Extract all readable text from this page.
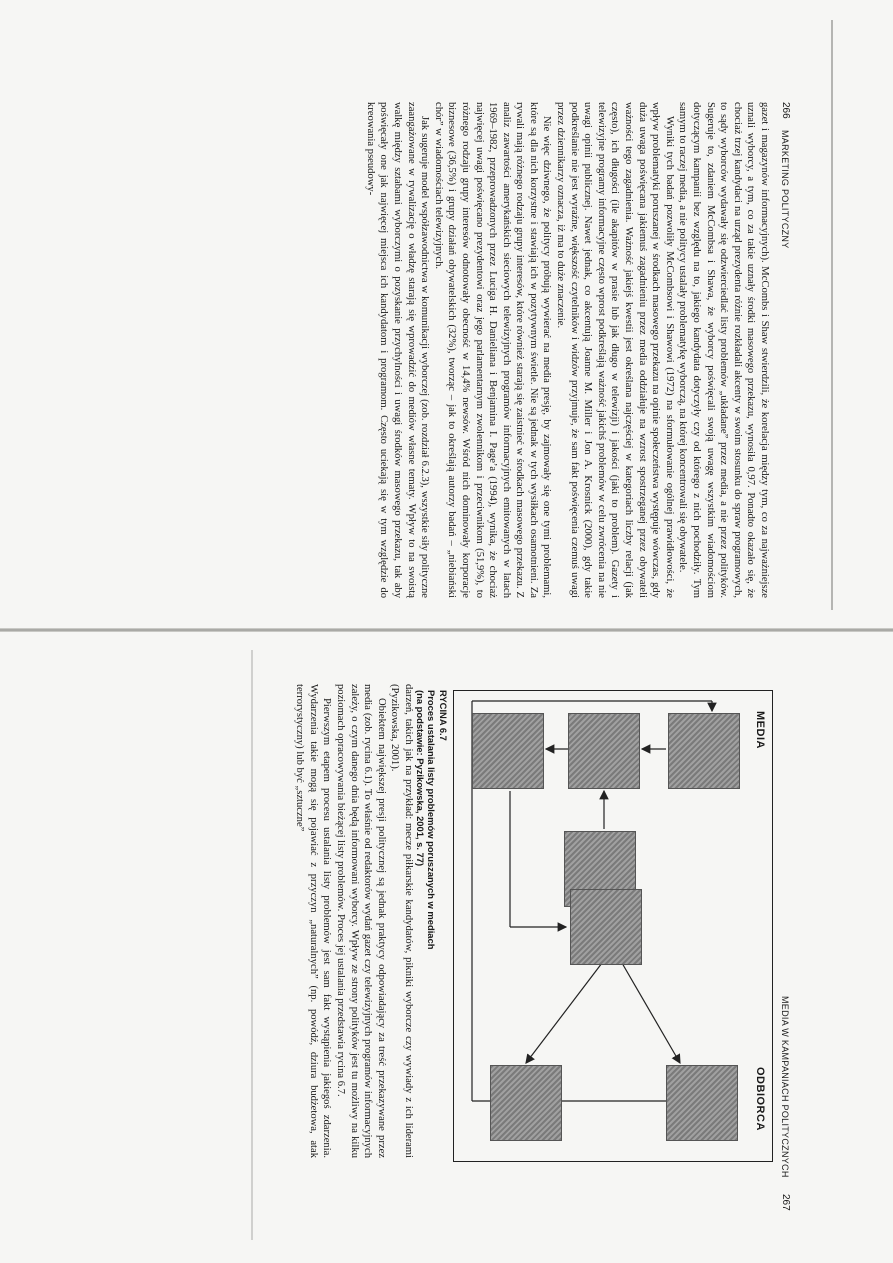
266
MARKETING POLITYCZNY

gazet i magazynów informacyjnych). McCombs i Shaw stwierdzili, że korelacja między tym, co za najważniejsze uznali wyborcy, a tym, co za takie uznały środki masowego przekazu, wynosiła 0,97. Ponadto okazało się, że chociaż trzej kandydaci na urząd prezydenta różnie rozkładali akcenty w swoim stosunku do spraw programowych, to sądy wyborców wydawały się odzwierciedlać listy problemów „układane” przez media, a nie przez polityków. Sugeruje to, zdaniem McCombsa i Shawa, że wyborcy poświęcali swoją uwagę wszystkim wiadomościom dotyczącym kampanii bez względu na to, jakiego kandydata dotyczyły czy od którego z nich pochodziły. Tym samym to raczej media, a nie politycy ustalały problematykę wyborczą, na której koncentrowali się obywatele.

Wyniki tych badań pozwoliły McCombsowi i Shawowi (1972) na sformułowanie ogólnej prawidłowości, że wpływ problematyki poruszanej w środkach masowego przekazu na opinie społeczeństwa występuje wówczas, gdy duża uwaga poświęcana jakiemuś zagadnieniu przez media oddziałuje na wzrost spostrzeganej przez obywateli ważności tego zagadnienia. Ważność jakiejś kwestii jest określana najczęściej w kategoriach liczby relacji (jak często), ich długości (ile akapitów w prasie lub jak długo w telewizji) i jakości (jaki to problem). Gazety i telewizyjne programy informacyjne często wprost podkreślają ważność jakichś problemów w celu zwrócenia na nie uwagi opinii publicznej. Nawet jednak, co akcentują Joanne M. Miller i Jon A. Krosnick (2000), gdy takie podkreślanie nie jest wyraźne, większość czytelników i widzów przyjmuje, że sam fakt poświęcenia czemuś uwagi przez dziennikarzy oznacza, iż ma to duże znaczenie.

Nie więc dziwnego, że politycy próbują wywierać na media presję, by zajmowały się one tymi problemami, które są dla nich korzystne i stawiają ich w pozytywnym świetle. Nie są jednak w tych wysiłkach osamotnieni. Za rywali mają różnego rodzaju grupy interesów, które również starają się zaistnieć w środkach masowego przekazu. Z analiz zawartości amerykańskich sieciowych telewizyjnych programów informacyjnych emitowanych w latach 1969–1982, przeprowadzonych przez Luciga H. Danieliana i Benjamina I. Page’a (1994), wynika, że chociaż najwięcej uwagi poświęcano prezydentowi oraz jego parlamentarnym zwolennikom i przeciwnikom (51,9%), to różnego rodzaju grupy interesów odnotowały obecność w 14,4% newsów. Wśród nich dominowały korporacje biznesowe (36,5%) i grupy działań obywatelskich (32%), tworząc – jak to określają autorzy badań – „niebiański chór” w wiadomościach telewizyjnych.

Jak sugeruje model współzawodnictwa w komunikacji wyborczej (zob. rozdział 6.2.3), wszystkie siły polityczne zaangażowane w rywalizację o władzę starają się wprowadzić do mediów własne tematy. Wpływ to na swoistą walkę między sztabami wyborczymi o pozyskanie przychylności i uwagi środków masowego przekazu, tak aby poświęcały one jak najwięcej miejsca ich kandydatom i programom. Często uciekają się w tym względzie do kreowania pseudowy-

MEDIA W KAMPANIACH POLITYCZNYCH
267
MEDIA
ODBIORCA
RYCINA 6.7
Proces ustalania listy problemów poruszanych w mediach
(na podstawie: Pyzikowska, 2001, s. 77)

darzeń, takich jak na przykład: mecze piłkarskie kandydatów, pikniki wyborcze czy wywiady z ich liderami (Pyzikowska, 2001).

Obiektem największej presji politycznej są jednak praktycy odpowiadający za treść przekazywane przez media (zob. rycina 6.1). To właśnie od redaktorów wydań gazet czy telewizyjnych programów informacyjnych zależy, o czym danego dnia będą informowani wyborcy. Wpływ ze strony polityków jest tu możliwy na kilku poziomach opracowywania bieżącej listy problemów. Proces jej ustalania przedstawia rycina 6.7.

Pierwszym etapem procesu ustalania listy problemów jest sam fakt wystąpienia jakiegoś zdarzenia. Wydarzenia takie mogą się pojawiać z przyczyn „naturalnych” (np. powódź, dziura budżetowa, atak terrorystyczny) lub być „sztuczne”
